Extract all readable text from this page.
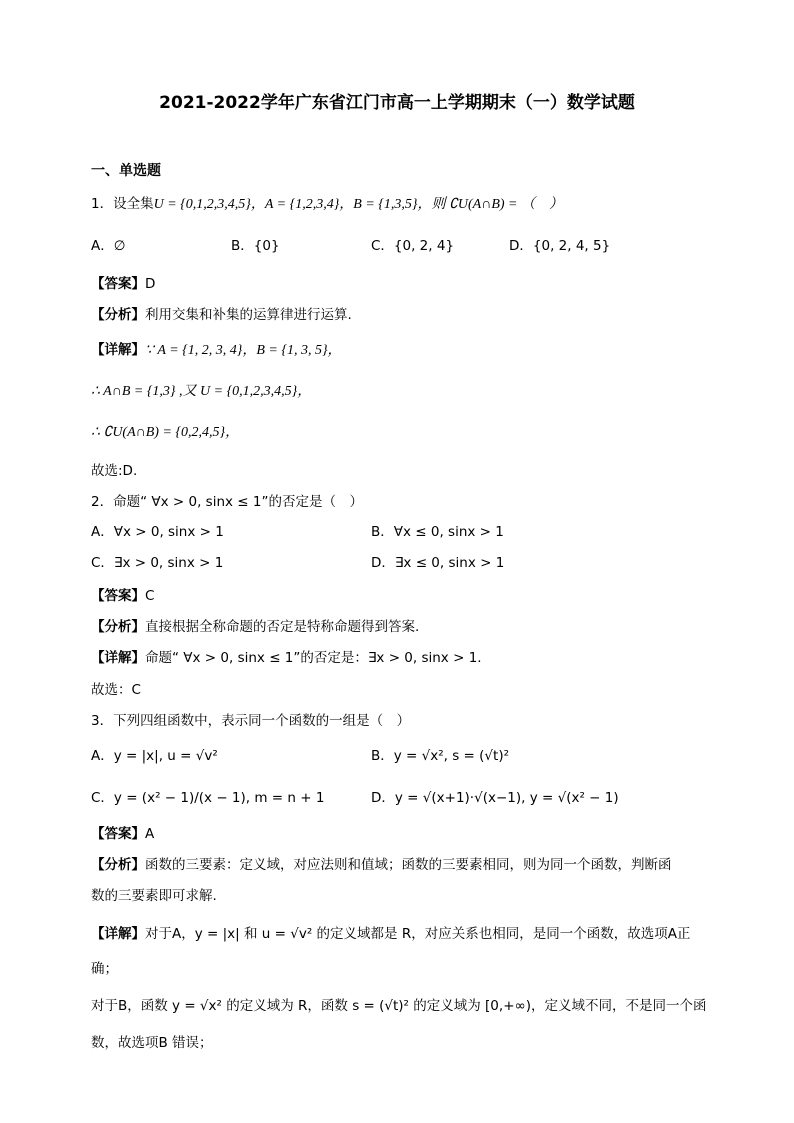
2021-2022学年广东省江门市高一上学期期末（一）数学试题
一、单选题
1．设全集U = {0,1,2,3,4,5}，A = {1,2,3,4}，B = {1,3,5}，则 ∁U(A∩B) = （　）
A．∅	B．{0}	C．{0, 2, 4}	D．{0, 2, 4, 5}
【答案】D
【分析】利用交集和补集的运算律进行运算.
【详解】∵ A = {1, 2, 3, 4}，B = {1, 3, 5}，
∴ A∩B = {1,3} ,又 U = {0,1,2,3,4,5}，
∴ ∁U(A∩B) = {0,2,4,5}，
故选:D.
2．命题“ ∀x > 0, sinx ≤ 1”的否定是（　）
A．∀x > 0, sinx > 1	B．∀x ≤ 0, sinx > 1
C．∃x > 0, sinx > 1	D．∃x ≤ 0, sinx > 1
【答案】C
【分析】直接根据全称命题的否定是特称命题得到答案.
【详解】命题“ ∀x > 0, sinx ≤ 1”的否定是：∃x > 0, sinx > 1.
故选：C
3．下列四组函数中，表示同一个函数的一组是（　）
A．y = |x|, u = √v²	B．y = √x², s = (√t)²
C．y = (x² − 1)/(x − 1), m = n + 1	D．y = √(x+1)·√(x−1), y = √(x² − 1)
【答案】A
【分析】函数的三要素：定义域，对应法则和值域；函数的三要素相同，则为同一个函数，判断函
数的三要素即可求解.
【详解】对于A，y = |x| 和 u = √v² 的定义域都是 R，对应关系也相同，是同一个函数，故选项A正
确；
对于B，函数 y = √x² 的定义域为 R，函数 s = (√t)² 的定义域为 [0,+∞)，定义域不同，不是同一个函
数，故选项B 错误；
